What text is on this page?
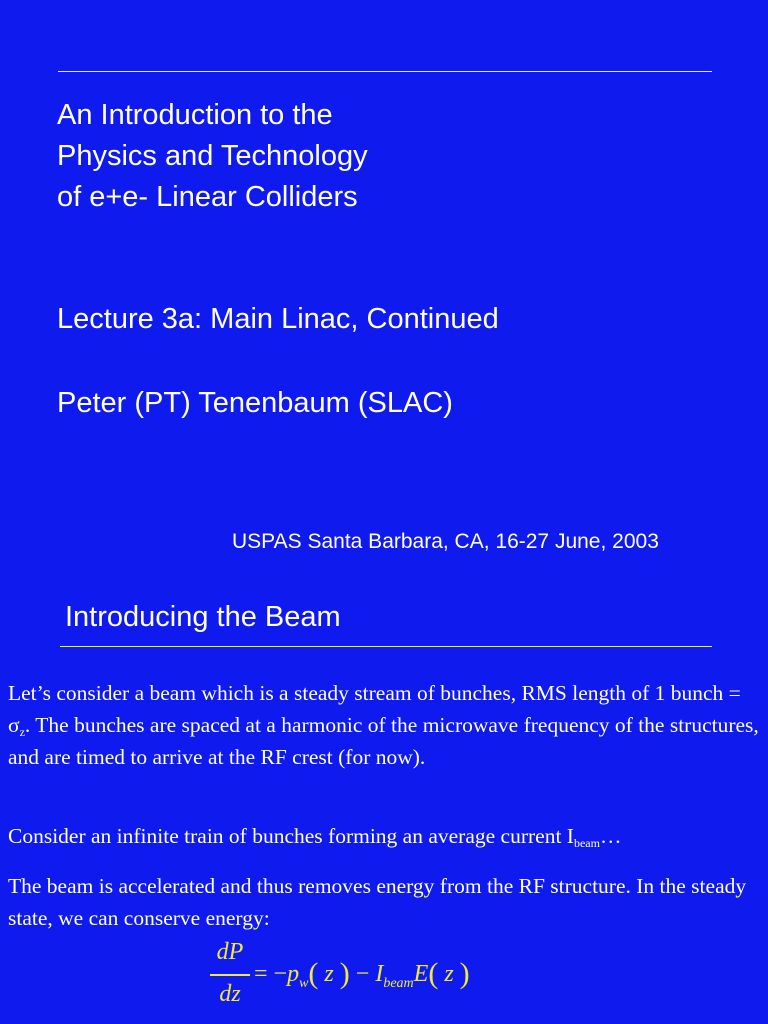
An Introduction to the
Physics and Technology
of e+e- Linear Colliders
Lecture 3a: Main Linac, Continued
Peter (PT) Tenenbaum (SLAC)
USPAS Santa Barbara, CA, 16-27 June, 2003
Introducing the Beam
Let’s consider a beam which is a steady stream of bunches, RMS length of 1 bunch = $\sigma_z$. The bunches are spaced at a harmonic of the microwave frequency of the structures, and are timed to arrive at the RF crest (for now).
Consider an infinite train of bunches forming an average current $I_{beam}\dots$
The beam is accelerated and thus removes energy from the RF structure. In the steady state, we can conserve energy:
dP
dz
= $-p_w$( z ) − $I_{beam}E$( z )
